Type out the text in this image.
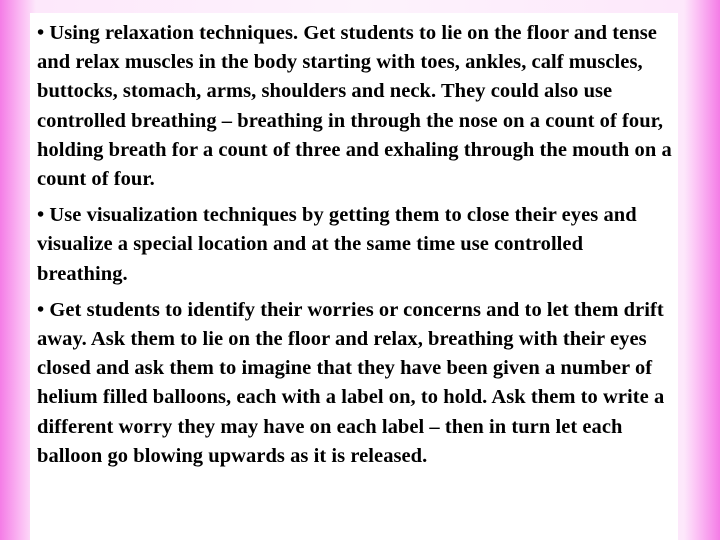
• Using relaxation techniques. Get students to lie on the floor and tense and relax muscles in the body starting with toes, ankles, calf muscles, buttocks, stomach, arms, shoulders and neck. They could also use controlled breathing – breathing in through the nose on a count of four, holding breath for a count of three and exhaling through the mouth on a count of four.

• Use visualization techniques by getting them to close their eyes and visualize a special location and at the same time use controlled breathing.

• Get students to identify their worries or concerns and to let them drift away. Ask them to lie on the floor and relax, breathing with their eyes closed and ask them to imagine that they have been given a number of helium filled balloons, each with a label on, to hold. Ask them to write a different worry they may have on each label – then in turn let each balloon go blowing upwards as it is released.
